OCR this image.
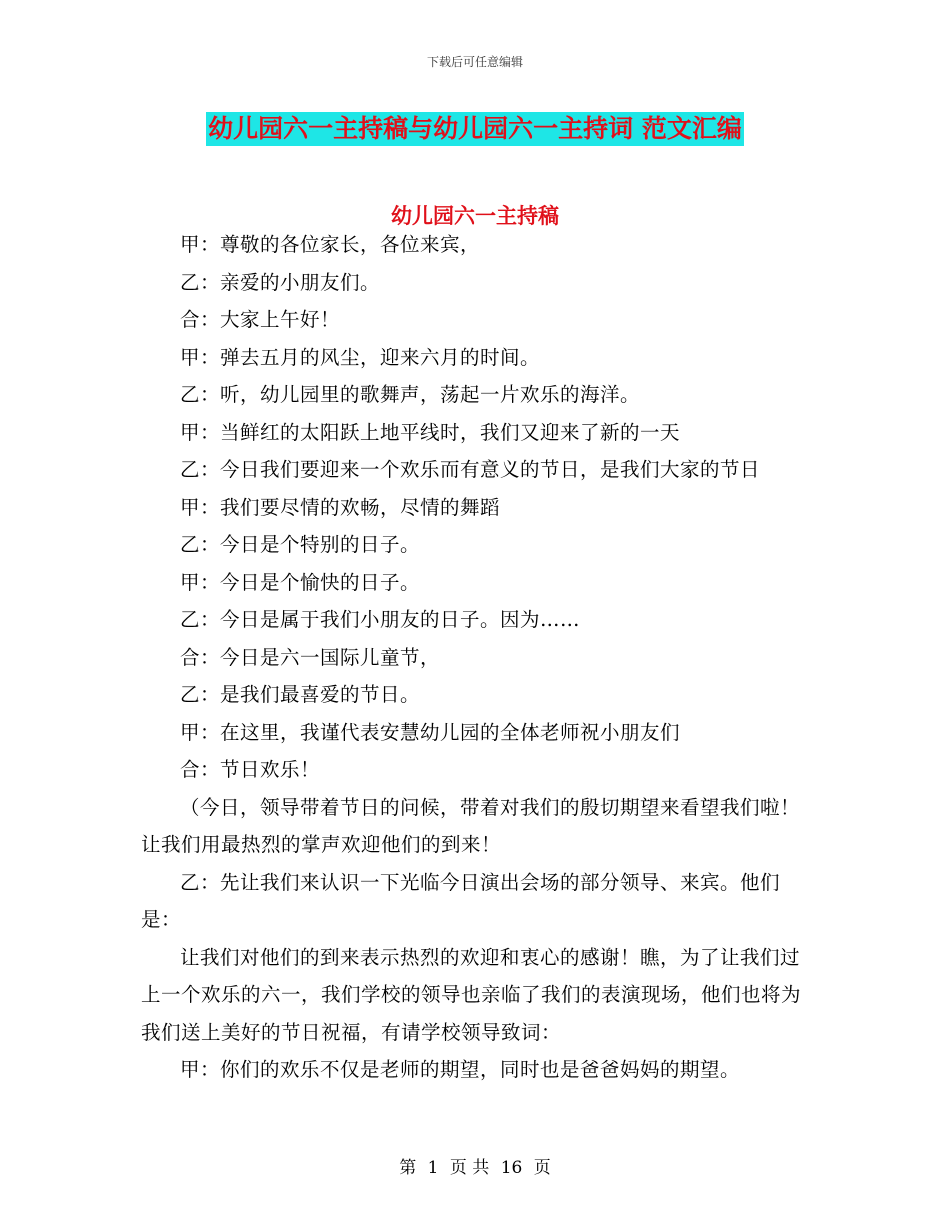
下载后可任意编辑
幼儿园六一主持稿与幼儿园六一主持词 范文汇编
幼儿园六一主持稿

甲：尊敬的各位家长，各位来宾，

乙：亲爱的小朋友们。

合：大家上午好！

甲：弹去五月的风尘，迎来六月的时间。

乙：听，幼儿园里的歌舞声，荡起一片欢乐的海洋。

甲：当鲜红的太阳跃上地平线时，我们又迎来了新的一天

乙：今日我们要迎来一个欢乐而有意义的节日，是我们大家的节日

甲：我们要尽情的欢畅，尽情的舞蹈

乙：今日是个特别的日子。

甲：今日是个愉快的日子。

乙：今日是属于我们小朋友的日子。因为……

合：今日是六一国际儿童节，

乙：是我们最喜爱的节日。

甲：在这里，我谨代表安慧幼儿园的全体老师祝小朋友们

合：节日欢乐！

（今日，领导带着节日的问候，带着对我们的殷切期望来看望我们啦！让我们用最热烈的掌声欢迎他们的到来！

乙：先让我们来认识一下光临今日演出会场的部分领导、来宾。他们是：

让我们对他们的到来表示热烈的欢迎和衷心的感谢！瞧，为了让我们过上一个欢乐的六一，我们学校的领导也亲临了我们的表演现场，他们也将为我们送上美好的节日祝福，有请学校领导致词：

甲：你们的欢乐不仅是老师的期望，同时也是爸爸妈妈的期望。

第 1 页 共 16 页
